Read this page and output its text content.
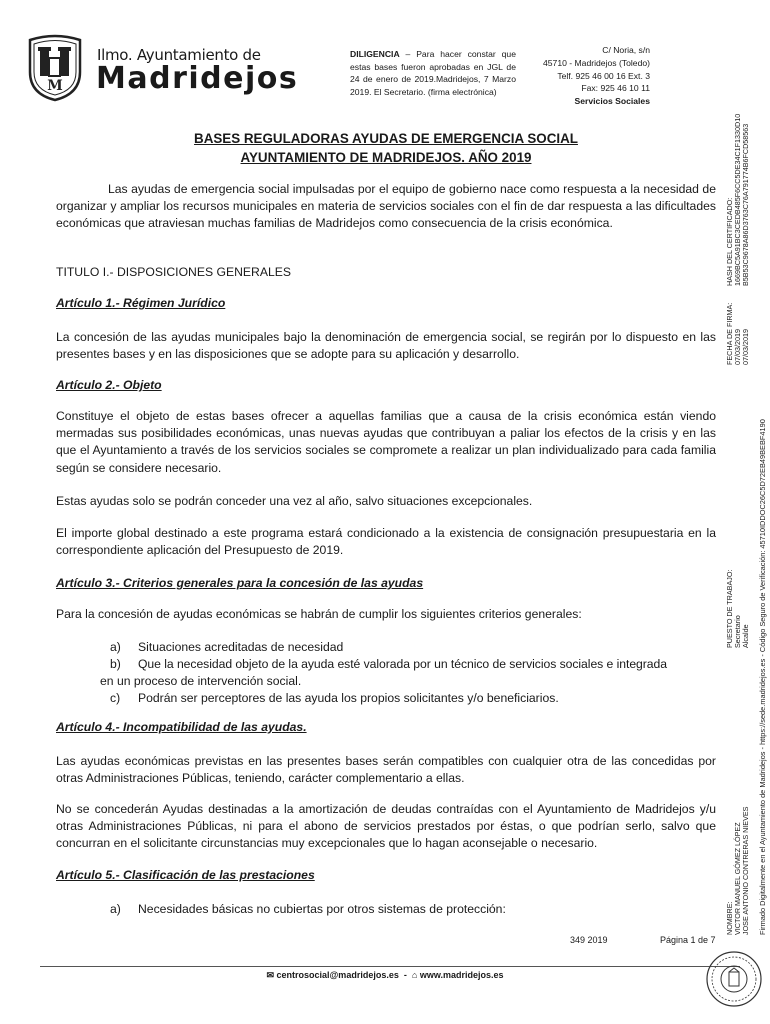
M
Ilmo. Ayuntamiento de
Madridejos
DILIGENCIA – Para hacer constar que estas bases fueron aprobadas en JGL de 24 de enero de 2019.Madridejos, 7 Marzo 2019. El Secretario. (firma electrónica)
C/ Noria, s/n
45710 - Madridejos (Toledo)
Telf. 925 46 00 16 Ext. 3
Fax: 925 46 10 11
Servicios Sociales
BASES REGULADORAS AYUDAS DE EMERGENCIA SOCIAL
AYUNTAMIENTO DE MADRIDEJOS. AÑO 2019
Las ayudas de emergencia social impulsadas por el equipo de gobierno nace como respuesta a la necesidad de organizar y ampliar los recursos municipales en materia de servicios sociales con el fin de dar respuesta a las dificultades económicas que atraviesan muchas familias de Madridejos como consecuencia de la crisis económica.
TITULO I.- DISPOSICIONES GENERALES
Artículo 1.- Régimen Jurídico
La concesión de las ayudas municipales bajo la denominación de emergencia social, se regirán por lo dispuesto en las presentes bases y en las disposiciones que se adopte para su aplicación y desarrollo.
Artículo 2.- Objeto
Constituye el objeto de estas bases ofrecer a aquellas familias que a causa de la crisis económica están viendo mermadas sus posibilidades económicas, unas nuevas ayudas que contribuyan a paliar los efectos de la crisis y en las que el Ayuntamiento a través de los servicios sociales se compromete a realizar un plan individualizado para cada familia según se considere necesario.
Estas ayudas solo se podrán conceder una vez al año, salvo situaciones excepcionales.
El importe global destinado a este programa estará condicionado a la existencia de consignación presupuestaria en la correspondiente aplicación del Presupuesto de 2019.
Artículo 3.- Criterios generales para la concesión de las ayudas
Para la concesión de ayudas económicas se habrán de cumplir los siguientes criterios generales:
a) Situaciones acreditadas de necesidad
b) Que la necesidad objeto de la ayuda esté valorada por un técnico de servicios sociales e integrada
en un proceso de intervención social.
c) Podrán ser perceptores de las ayuda los propios solicitantes y/o beneficiarios.
Artículo 4.- Incompatibilidad de las ayudas.
Las ayudas económicas previstas en las presentes bases serán compatibles con cualquier otra de las concedidas por otras Administraciones Públicas, teniendo, carácter complementario a ellas.
No se concederán Ayudas destinadas a la amortización de deudas contraídas con el Ayuntamiento de Madridejos y/u otras Administraciones Públicas, ni para el abono de servicios prestados por éstas, o que podrían serlo, salvo que concurran en el solicitante circunstancias muy excepcionales que lo hagan aconsejable o necesario.
Artículo 5.- Clasificación de las prestaciones
a) Necesidades básicas no cubiertas por otros sistemas de protección:
349 2019	Página 1 de 7
✉ centrosocial@madridejos.es - ⌂ www.madridejos.es
FECHA DE FIRMA: 07/03/2019 07/03/2019
HASH DEL CERTIFICADO: 1669BC5A91BC3CEDB485F6CC5DE34C1F1330D10 B5B53C9678A86D3763C76A791774B6FCD58563
PUESTO DE TRABAJO: Secretario Alcalde
NOMBRE: VICTOR MANUEL GÓMEZ LÓPEZ JOSE ANTONIO CONTRERAS NIEVES Firmado Digitalmente en el Ayuntamiento de Madridejos - https://sede.madridejos.es - Código Seguro de Verificación: 45710IDDOC26C5D72EB49BEBF4190
